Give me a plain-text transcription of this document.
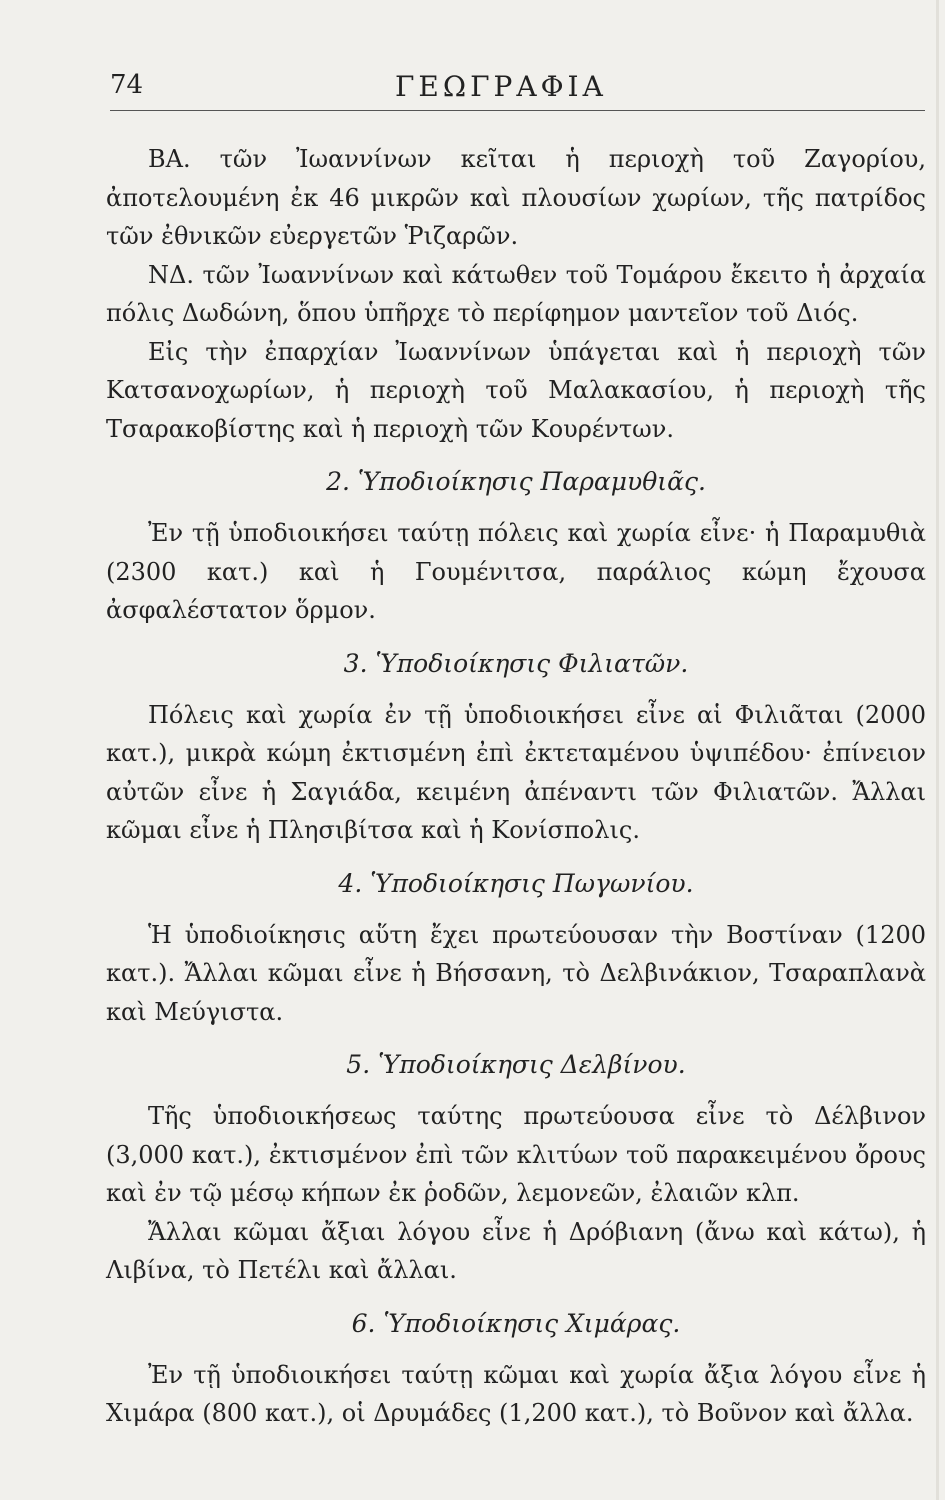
74	ΓΕΩΓΡΑΦΙΑ

ΒΑ. τῶν Ἰωαννίνων κεῖται ἡ περιοχὴ τοῦ Ζαγορίου, ἀποτελουμένη ἐκ 46 μικρῶν καὶ πλουσίων χωρίων, τῆς πατρίδος τῶν ἐθνικῶν εὐεργετῶν Ῥιζαρῶν.

ΝΔ. τῶν Ἰωαννίνων καὶ κάτωθεν τοῦ Τομάρου ἔκειτο ἡ ἀρχαία πόλις Δωδώνη, ὅπου ὑπῆρχε τὸ περίφημον μαντεῖον τοῦ Διός.

Εἰς τὴν ἐπαρχίαν Ἰωαννίνων ὑπάγεται καὶ ἡ περιοχὴ τῶν Κατσανοχωρίων, ἡ περιοχὴ τοῦ Μαλακασίου, ἡ περιοχὴ τῆς Τσαρακοβίστης καὶ ἡ περιοχὴ τῶν Κουρέντων.

2. Ὑποδιοίκησις Παραμυθιᾶς.

Ἐν τῇ ὑποδιοικήσει ταύτῃ πόλεις καὶ χωρία εἶνε· ἡ Παραμυθιὰ (2300 κατ.) καὶ ἡ Γουμένιτσα, παράλιος κώμη ἔχουσα ἀσφαλέστατον ὅρμον.

3. Ὑποδιοίκησις Φιλιατῶν.

Πόλεις καὶ χωρία ἐν τῇ ὑποδιοικήσει εἶνε αἱ Φιλιᾶται (2000 κατ.), μικρὰ κώμη ἐκτισμένη ἐπὶ ἐκτεταμένου ὑψιπέδου· ἐπίνειον αὐτῶν εἶνε ἡ Σαγιάδα, κειμένη ἀπέναντι τῶν Φιλιατῶν. Ἄλλαι κῶμαι εἶνε ἡ Πλησιβίτσα καὶ ἡ Κονίσπολις.

4. Ὑποδιοίκησις Πωγωνίου.

Ἡ ὑποδιοίκησις αὕτη ἔχει πρωτεύουσαν τὴν Βοστίναν (1200 κατ.). Ἄλλαι κῶμαι εἶνε ἡ Βήσσανη, τὸ Δελβινάκιον, Τσαραπλανὰ καὶ Μεύγιστα.

5. Ὑποδιοίκησις Δελβίνου.

Τῆς ὑποδιοικήσεως ταύτης πρωτεύουσα εἶνε τὸ Δέλβινον (3,000 κατ.), ἐκτισμένον ἐπὶ τῶν κλιτύων τοῦ παρακειμένου ὄρους καὶ ἐν τῷ μέσῳ κήπων ἐκ ῥοδῶν, λεμονεῶν, ἐλαιῶν κλπ.

Ἄλλαι κῶμαι ἄξιαι λόγου εἶνε ἡ Δρόβιανη (ἄνω καὶ κάτω), ἡ Λιβίνα, τὸ Πετέλι καὶ ἄλλαι.

6. Ὑποδιοίκησις Χιμάρας.

Ἐν τῇ ὑποδιοικήσει ταύτῃ κῶμαι καὶ χωρία ἄξια λόγου εἶνε ἡ Χιμάρα (800 κατ.), οἱ Δρυμάδες (1,200 κατ.), τὸ Βοῦνον καὶ ἄλλα.
